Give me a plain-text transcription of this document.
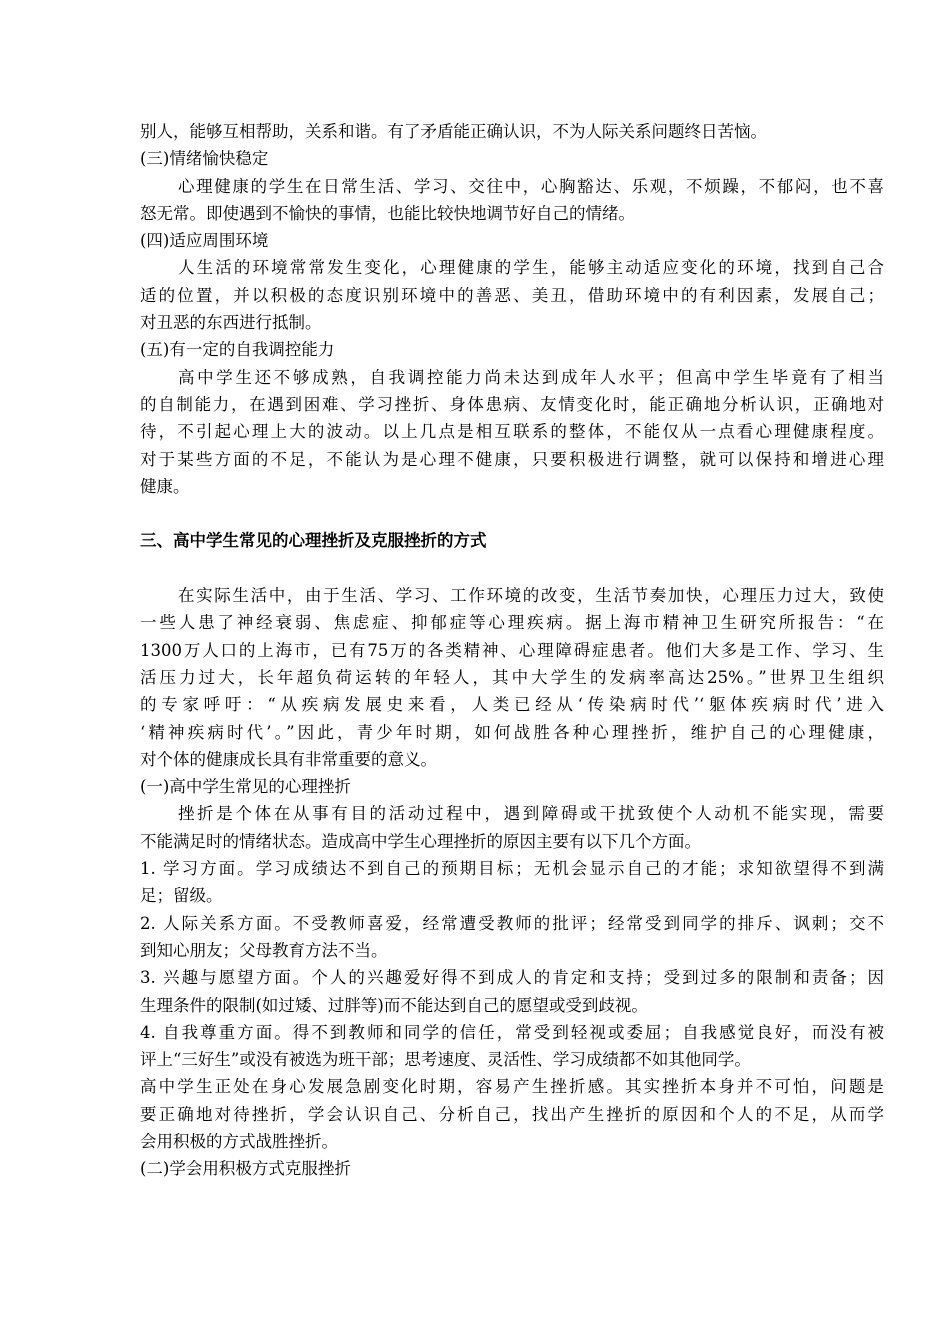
别人，能够互相帮助，关系和谐。有了矛盾能正确认识，不为人际关系问题终日苦恼。
(三)情绪愉快稳定
心理健康的学生在日常生活、学习、交往中，心胸豁达、乐观，不烦躁，不郁闷，也不喜
怒无常。即使遇到不愉快的事情，也能比较快地调节好自己的情绪。
(四)适应周围环境
人生活的环境常常发生变化，心理健康的学生，能够主动适应变化的环境，找到自己合
适的位置，并以积极的态度识别环境中的善恶、美丑，借助环境中的有利因素，发展自己；
对丑恶的东西进行抵制。
(五)有一定的自我调控能力
高中学生还不够成熟，自我调控能力尚未达到成年人水平；但高中学生毕竟有了相当
的自制能力，在遇到困难、学习挫折、身体患病、友情变化时，能正确地分析认识，正确地对
待，不引起心理上大的波动。以上几点是相互联系的整体，不能仅从一点看心理健康程度。
对于某些方面的不足，不能认为是心理不健康，只要积极进行调整，就可以保持和增进心理
健康。
三、高中学生常见的心理挫折及克服挫折的方式
在实际生活中，由于生活、学习、工作环境的改变，生活节奏加快，心理压力过大，致使
一些人患了神经衰弱、焦虑症、抑郁症等心理疾病。据上海市精神卫生研究所报告：“在
1300万人口的上海市，已有75万的各类精神、心理障碍症患者。他们大多是工作、学习、生
活压力过大，长年超负荷运转的年轻人，其中大学生的发病率高达25%。”世界卫生组织
的专家呼吁：“从疾病发展史来看，人类已经从‘传染病时代’‘躯体疾病时代’进入
‘精神疾病时代’。”因此，青少年时期，如何战胜各种心理挫折，维护自己的心理健康，
对个体的健康成长具有非常重要的意义。
(一)高中学生常见的心理挫折
挫折是个体在从事有目的活动过程中，遇到障碍或干扰致使个人动机不能实现，需要
不能满足时的情绪状态。造成高中学生心理挫折的原因主要有以下几个方面。
1. 学习方面。学习成绩达不到自己的预期目标；无机会显示自己的才能；求知欲望得不到满
足；留级。
2. 人际关系方面。不受教师喜爱，经常遭受教师的批评；经常受到同学的排斥、讽刺；交不
到知心朋友；父母教育方法不当。
3. 兴趣与愿望方面。个人的兴趣爱好得不到成人的肯定和支持；受到过多的限制和责备；因
生理条件的限制(如过矮、过胖等)而不能达到自己的愿望或受到歧视。
4. 自我尊重方面。得不到教师和同学的信任，常受到轻视或委屈；自我感觉良好，而没有被
评上“三好生”或没有被选为班干部；思考速度、灵活性、学习成绩都不如其他同学。
高中学生正处在身心发展急剧变化时期，容易产生挫折感。其实挫折本身并不可怕，问题是
要正确地对待挫折，学会认识自己、分析自己，找出产生挫折的原因和个人的不足，从而学
会用积极的方式战胜挫折。
(二)学会用积极方式克服挫折
